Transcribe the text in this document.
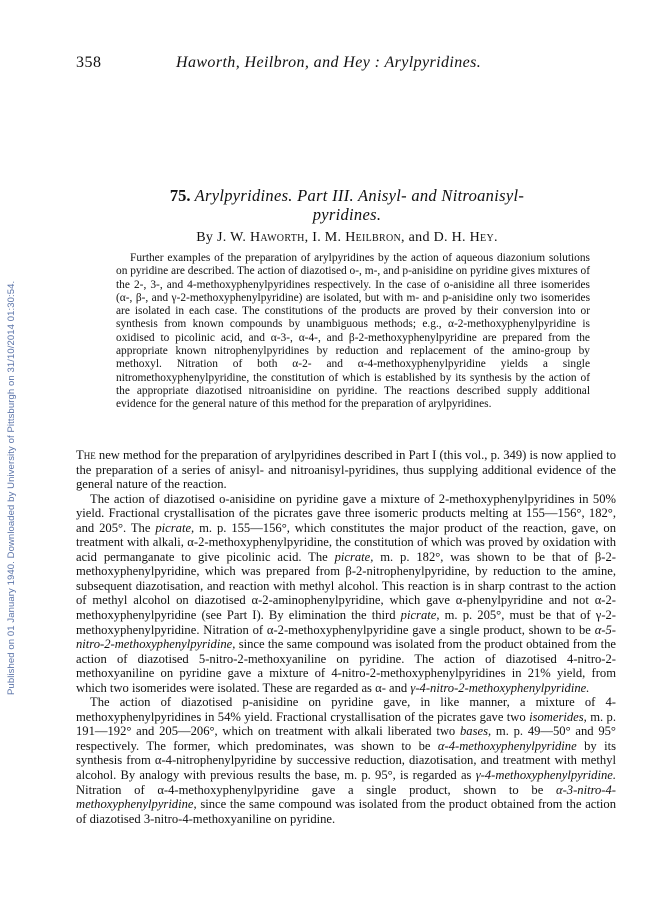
Published on 01 January 1940. Downloaded by University of Pittsburgh on 31/10/2014 01:30:54.
358	Haworth, Heilbron, and Hey : Arylpyridines.
75. Arylpyridines. Part III. Anisyl- and Nitroanisyl-
pyridines.
By J. W. Haworth, I. M. Heilbron, and D. H. Hey.
Further examples of the preparation of arylpyridines by the action of aqueous diazonium solutions on pyridine are described. The action of diazotised o-, m-, and p-anisidine on pyridine gives mixtures of the 2-, 3-, and 4-methoxyphenylpyridines respectively. In the case of o-anisidine all three isomerides (α-, β-, and γ-2-methoxyphenylpyridine) are isolated, but with m- and p-anisidine only two isomerides are isolated in each case. The constitutions of the products are proved by their conversion into or synthesis from known compounds by unambiguous methods; e.g., α-2-methoxyphenylpyridine is oxidised to picolinic acid, and α-3-, α-4-, and β-2-methoxyphenylpyridine are prepared from the appropriate known nitrophenylpyridines by reduction and replacement of the amino-group by methoxyl. Nitration of both α-2- and α-4-methoxyphenylpyridine yields a single nitromethoxyphenylpyridine, the constitution of which is established by its synthesis by the action of the appropriate diazotised nitroanisidine on pyridine. The reactions described supply additional evidence for the general nature of this method for the preparation of arylpyridines.

The new method for the preparation of arylpyridines described in Part I (this vol., p. 349) is now applied to the preparation of a series of anisyl- and nitroanisyl-pyridines, thus supplying additional evidence of the general nature of the reaction.

The action of diazotised o-anisidine on pyridine gave a mixture of 2-methoxyphenylpyridines in 50% yield. Fractional crystallisation of the picrates gave three isomeric products melting at 155—156°, 182°, and 205°. The picrate, m. p. 155—156°, which constitutes the major product of the reaction, gave, on treatment with alkali, α-2-methoxyphenylpyridine, the constitution of which was proved by oxidation with acid permanganate to give picolinic acid. The picrate, m. p. 182°, was shown to be that of β-2-methoxyphenylpyridine, which was prepared from β-2-nitrophenylpyridine, by reduction to the amine, subsequent diazotisation, and reaction with methyl alcohol. This reaction is in sharp contrast to the action of methyl alcohol on diazotised α-2-aminophenylpyridine, which gave α-phenylpyridine and not α-2-methoxyphenylpyridine (see Part I). By elimination the third picrate, m. p. 205°, must be that of γ-2-methoxyphenylpyridine. Nitration of α-2-methoxyphenylpyridine gave a single product, shown to be α-5-nitro-2-methoxyphenylpyridine, since the same compound was isolated from the product obtained from the action of diazotised 5-nitro-2-methoxyaniline on pyridine. The action of diazotised 4-nitro-2-methoxyaniline on pyridine gave a mixture of 4-nitro-2-methoxyphenylpyridines in 21% yield, from which two isomerides were isolated. These are regarded as α- and γ-4-nitro-2-methoxyphenylpyridine.

The action of diazotised p-anisidine on pyridine gave, in like manner, a mixture of 4-methoxyphenylpyridines in 54% yield. Fractional crystallisation of the picrates gave two isomerides, m. p. 191—192° and 205—206°, which on treatment with alkali liberated two bases, m. p. 49—50° and 95° respectively. The former, which predominates, was shown to be α-4-methoxyphenylpyridine by its synthesis from α-4-nitrophenylpyridine by successive reduction, diazotisation, and treatment with methyl alcohol. By analogy with previous results the base, m. p. 95°, is regarded as γ-4-methoxyphenylpyridine. Nitration of α-4-methoxyphenylpyridine gave a single product, shown to be α-3-nitro-4-methoxyphenylpyridine, since the same compound was isolated from the product obtained from the action of diazotised 3-nitro-4-methoxyaniline on pyridine.
